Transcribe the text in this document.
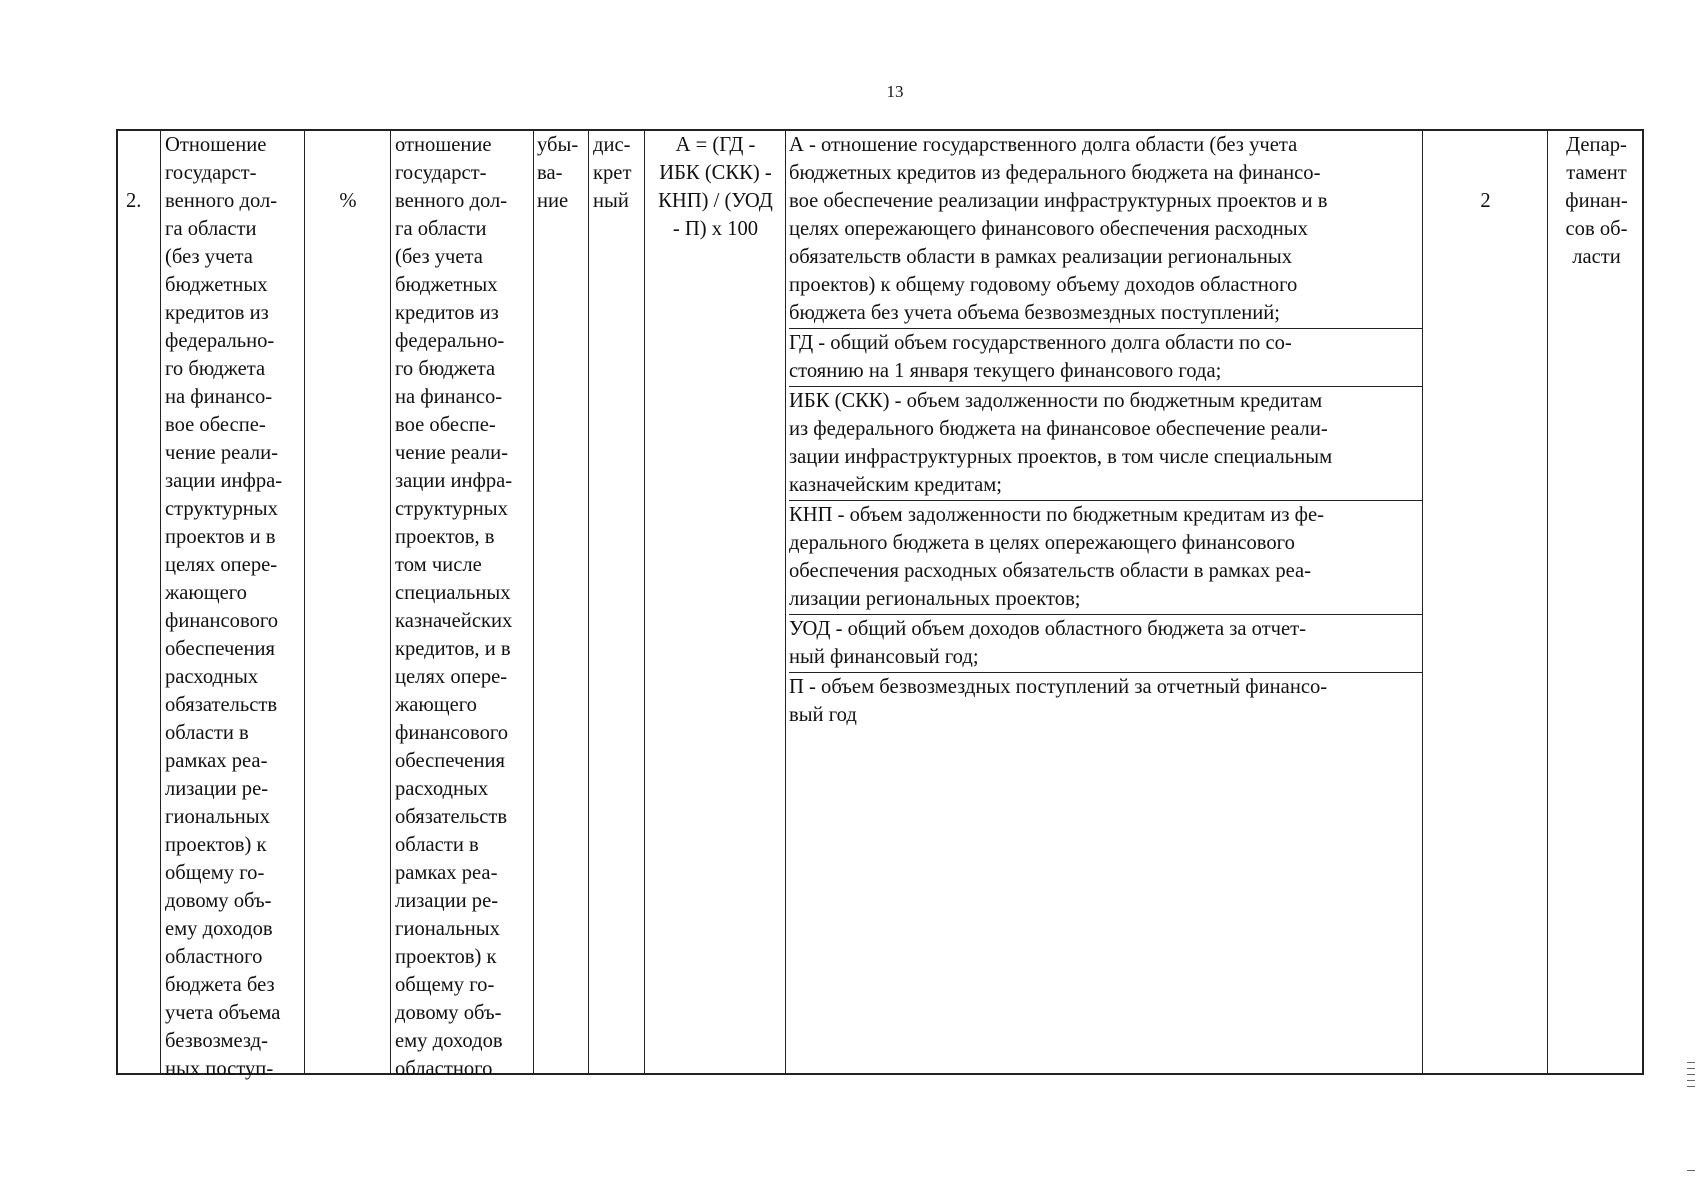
13

2.

Отношение
государст-
венного дол-
га области
(без учета
бюджетных
кредитов из
федерально-
го бюджета
на финансо-
вое обеспе-
чение реали-
зации инфра-
структурных
проектов и в
целях опере-
жающего
финансового
обеспечения
расходных
обязательств
области в
рамках реа-
лизации ре-
гиональных
проектов) к
общему го-
довому объ-
ему доходов
областного
бюджета без
учета объема
безвозмезд-
ных поступ-

%

отношение
государст-
венного дол-
га области
(без учета
бюджетных
кредитов из
федерально-
го бюджета
на финансо-
вое обеспе-
чение реали-
зации инфра-
структурных
проектов, в
том числе
специальных
казначейских
кредитов, и в
целях опере-
жающего
финансового
обеспечения
расходных
обязательств
области в
рамках реа-
лизации ре-
гиональных
проектов) к
общему го-
довому объ-
ему доходов
областного
убы-
ва-
ние
дис-
крет
ный
А = (ГД -
ИБК (СКК) -
КНП) / (УОД
- П) х 100
А - отношение государственного долга области (без учета
бюджетных кредитов из федерального бюджета на финансо-
вое обеспечение реализации инфраструктурных проектов и в
целях опережающего финансового обеспечения расходных
обязательств области в рамках реализации региональных
проектов) к общему годовому объему доходов областного
бюджета без учета объема безвозмездных поступлений;
ГД - общий объем государственного долга области по со-
стоянию на 1 января текущего финансового года;
ИБК (СКК) - объем задолженности по бюджетным кредитам
из федерального бюджета на финансовое обеспечение реали-
зации инфраструктурных проектов, в том числе специальным
казначейским кредитам;
КНП - объем задолженности по бюджетным кредитам из фе-
дерального бюджета в целях опережающего финансового
обеспечения расходных обязательств области в рамках реа-
лизации региональных проектов;
УОД - общий объем доходов областного бюджета за отчет-
ный финансовый год;
П - объем безвозмездных поступлений за отчетный финансо-
вый год

2

Депар-
тамент
финан-
сов об-
ласти
